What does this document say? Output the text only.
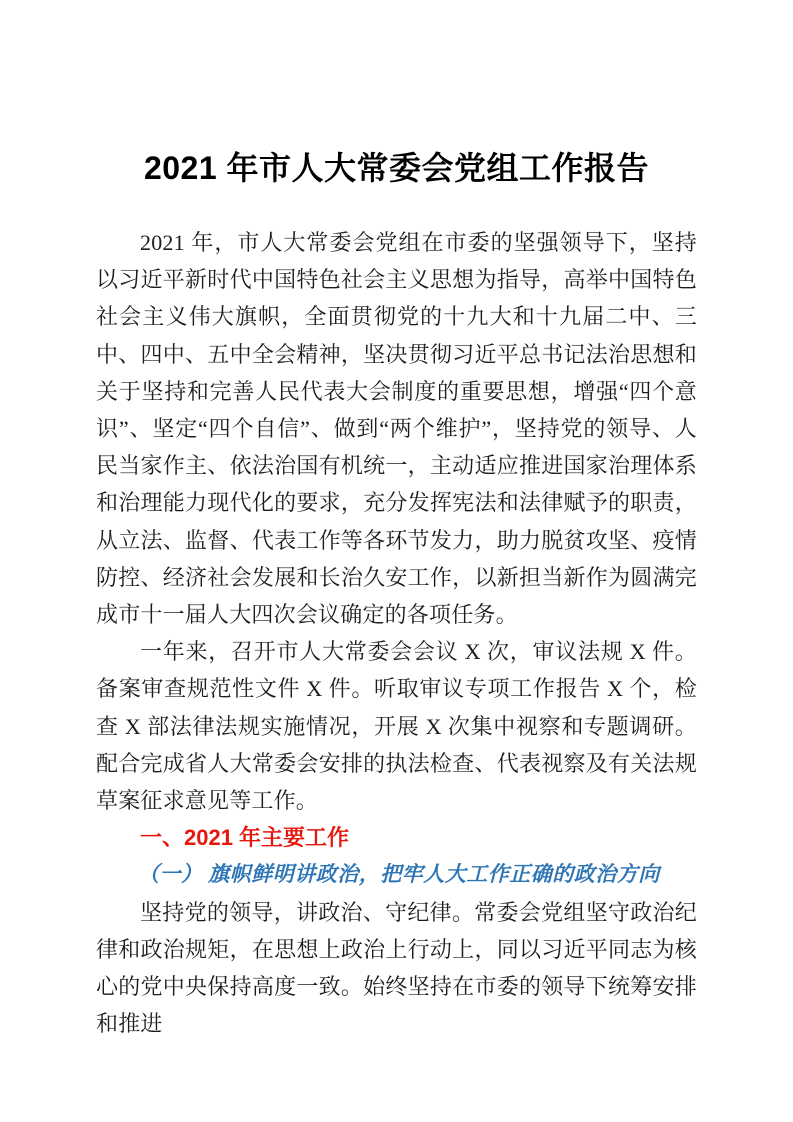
2021 年市人大常委会党组工作报告

2021 年，市人大常委会党组在市委的坚强领导下，坚持以习近平新时代中国特色社会主义思想为指导，高举中国特色社会主义伟大旗帜，全面贯彻党的十九大和十九届二中、三中、四中、五中全会精神，坚决贯彻习近平总书记法治思想和关于坚持和完善人民代表大会制度的重要思想，增强“四个意识”、坚定“四个自信”、做到“两个维护”，坚持党的领导、人民当家作主、依法治国有机统一，主动适应推进国家治理体系和治理能力现代化的要求，充分发挥宪法和法律赋予的职责，从立法、监督、代表工作等各环节发力，助力脱贫攻坚、疫情防控、经济社会发展和长治久安工作，以新担当新作为圆满完成市十一届人大四次会议确定的各项任务。

一年来，召开市人大常委会会议 X 次，审议法规 X 件。备案审查规范性文件 X 件。听取审议专项工作报告 X 个，检查 X 部法律法规实施情况，开展 X 次集中视察和专题调研。配合完成省人大常委会安排的执法检查、代表视察及有关法规草案征求意见等工作。

一、2021 年主要工作
（一） 旗帜鲜明讲政治，把牢人大工作正确的政治方向

坚持党的领导，讲政治、守纪律。常委会党组坚守政治纪律和政治规矩，在思想上政治上行动上，同以习近平同志为核心的党中央保持高度一致。始终坚持在市委的领导下统筹安排和推进
